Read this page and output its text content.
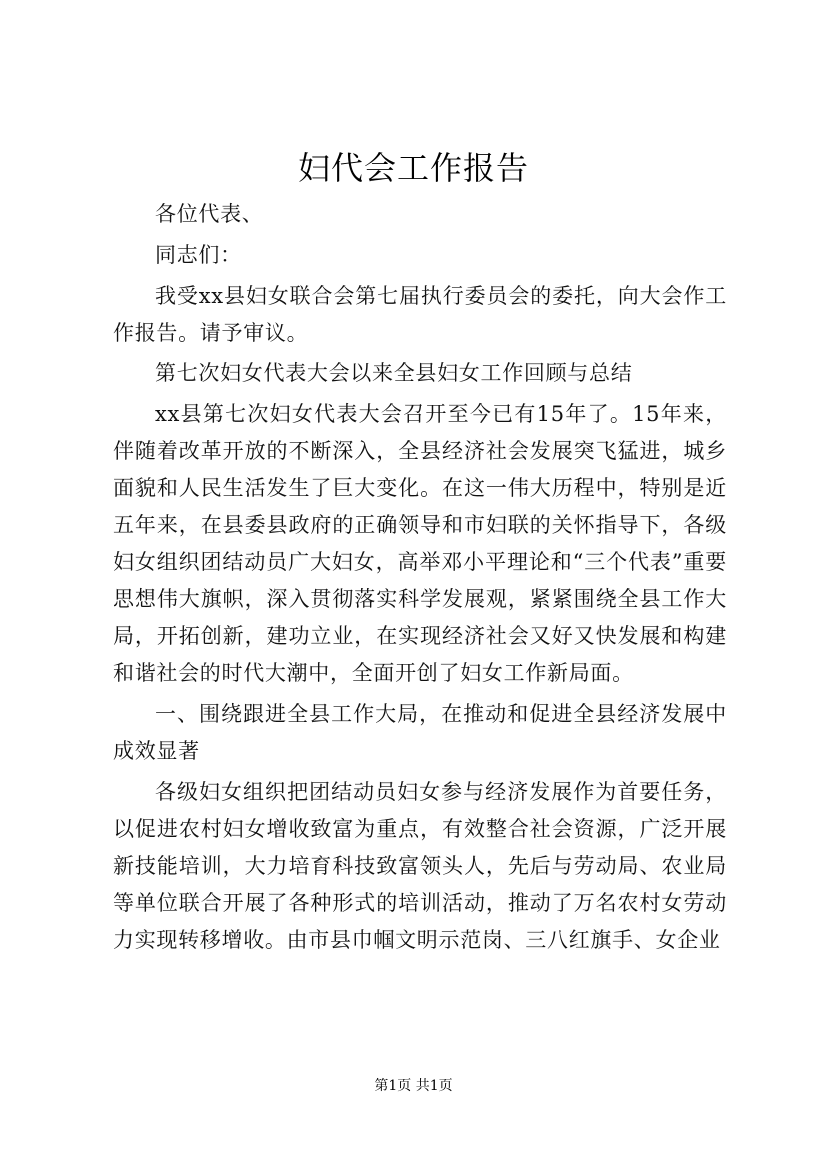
妇代会工作报告

各位代表、

同志们：

我受xx县妇女联合会第七届执行委员会的委托，向大会作工作报告。请予审议。

第七次妇女代表大会以来全县妇女工作回顾与总结

xx县第七次妇女代表大会召开至今已有15年了。15年来，伴随着改革开放的不断深入，全县经济社会发展突飞猛进，城乡面貌和人民生活发生了巨大变化。在这一伟大历程中，特别是近五年来，在县委县政府的正确领导和市妇联的关怀指导下，各级妇女组织团结动员广大妇女，高举邓小平理论和“三个代表”重要思想伟大旗帜，深入贯彻落实科学发展观，紧紧围绕全县工作大局，开拓创新，建功立业，在实现经济社会又好又快发展和构建和谐社会的时代大潮中，全面开创了妇女工作新局面。

一、围绕跟进全县工作大局，在推动和促进全县经济发展中成效显著

各级妇女组织把团结动员妇女参与经济发展作为首要任务，以促进农村妇女增收致富为重点，有效整合社会资源，广泛开展新技能培训，大力培育科技致富领头人，先后与劳动局、农业局等单位联合开展了各种形式的培训活动，推动了万名农村女劳动力实现转移增收。由市县巾帼文明示范岗、三八红旗手、女企业

第1页 共1页
